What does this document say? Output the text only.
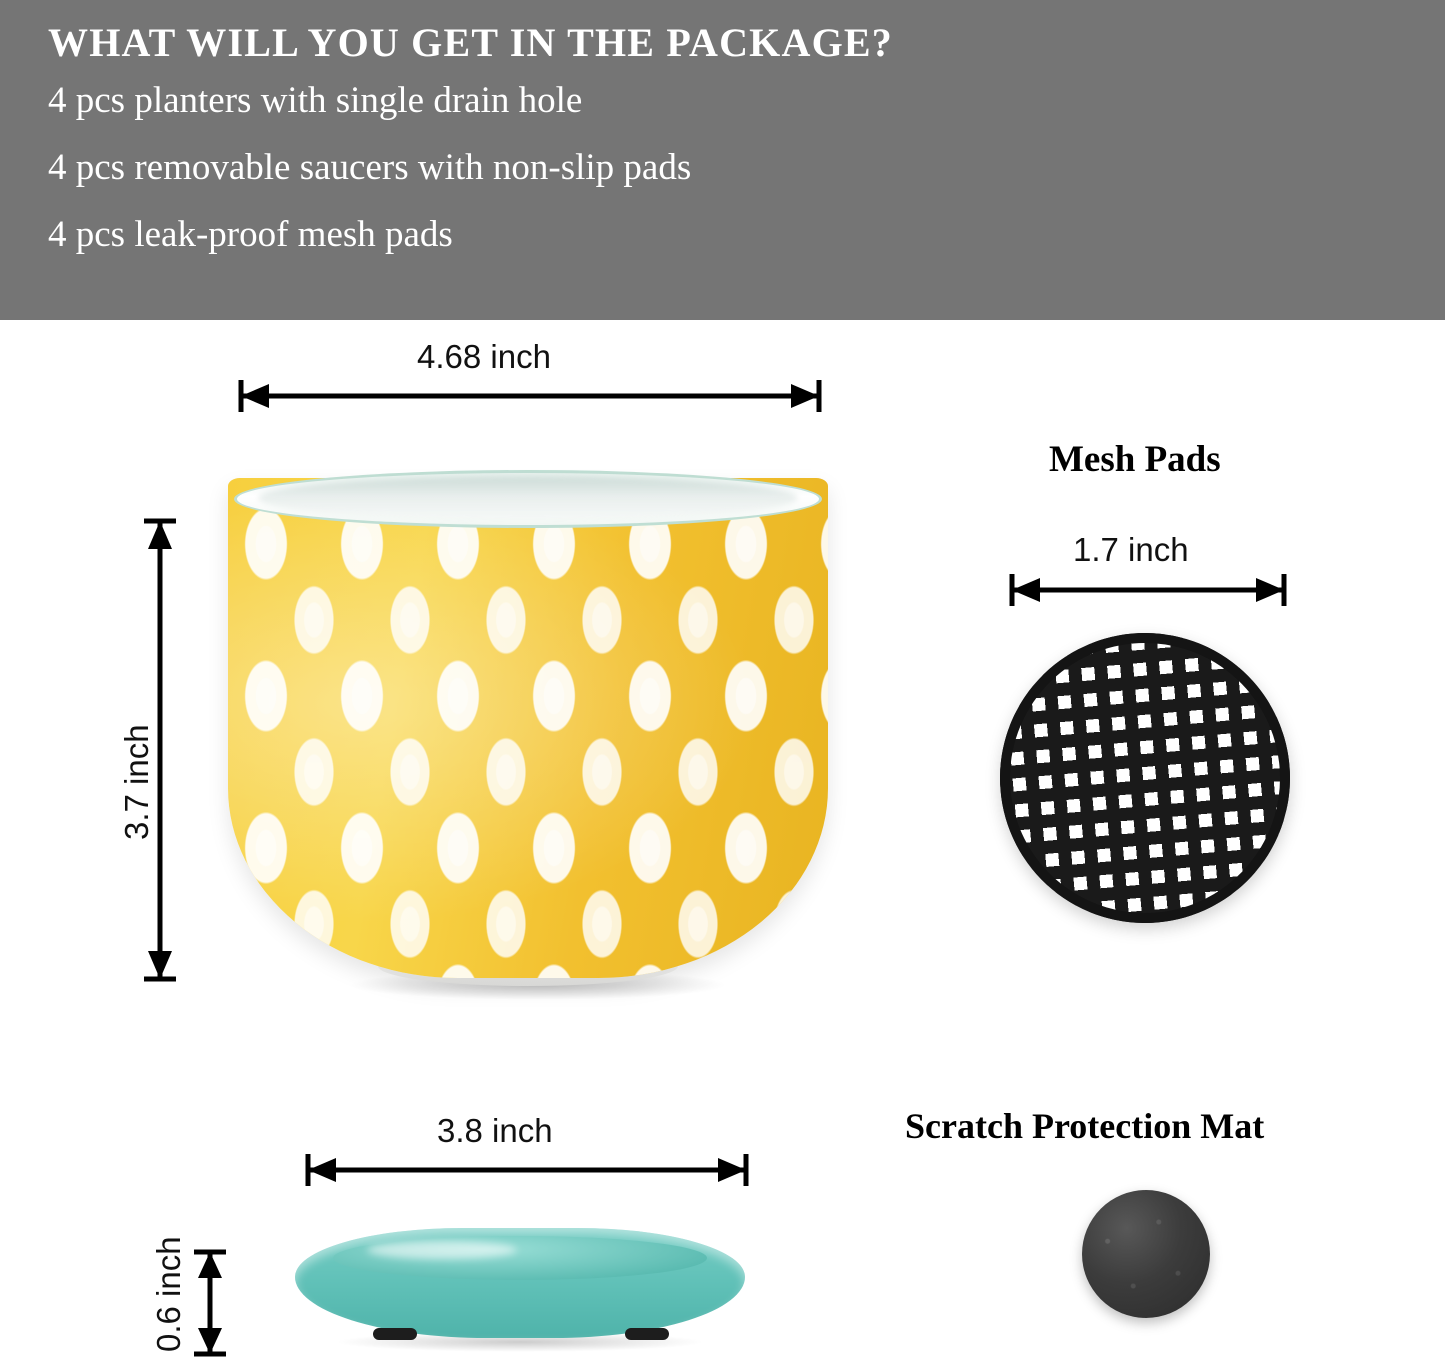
WHAT WILL YOU GET IN THE PACKAGE?
4 pcs planters with single drain hole
4 pcs removable saucers with non-slip pads
4 pcs leak-proof mesh pads
4.68 inch
3.7 inch
3.8 inch
0.6 inch
Mesh Pads
1.7 inch
Scratch Protection Mat
